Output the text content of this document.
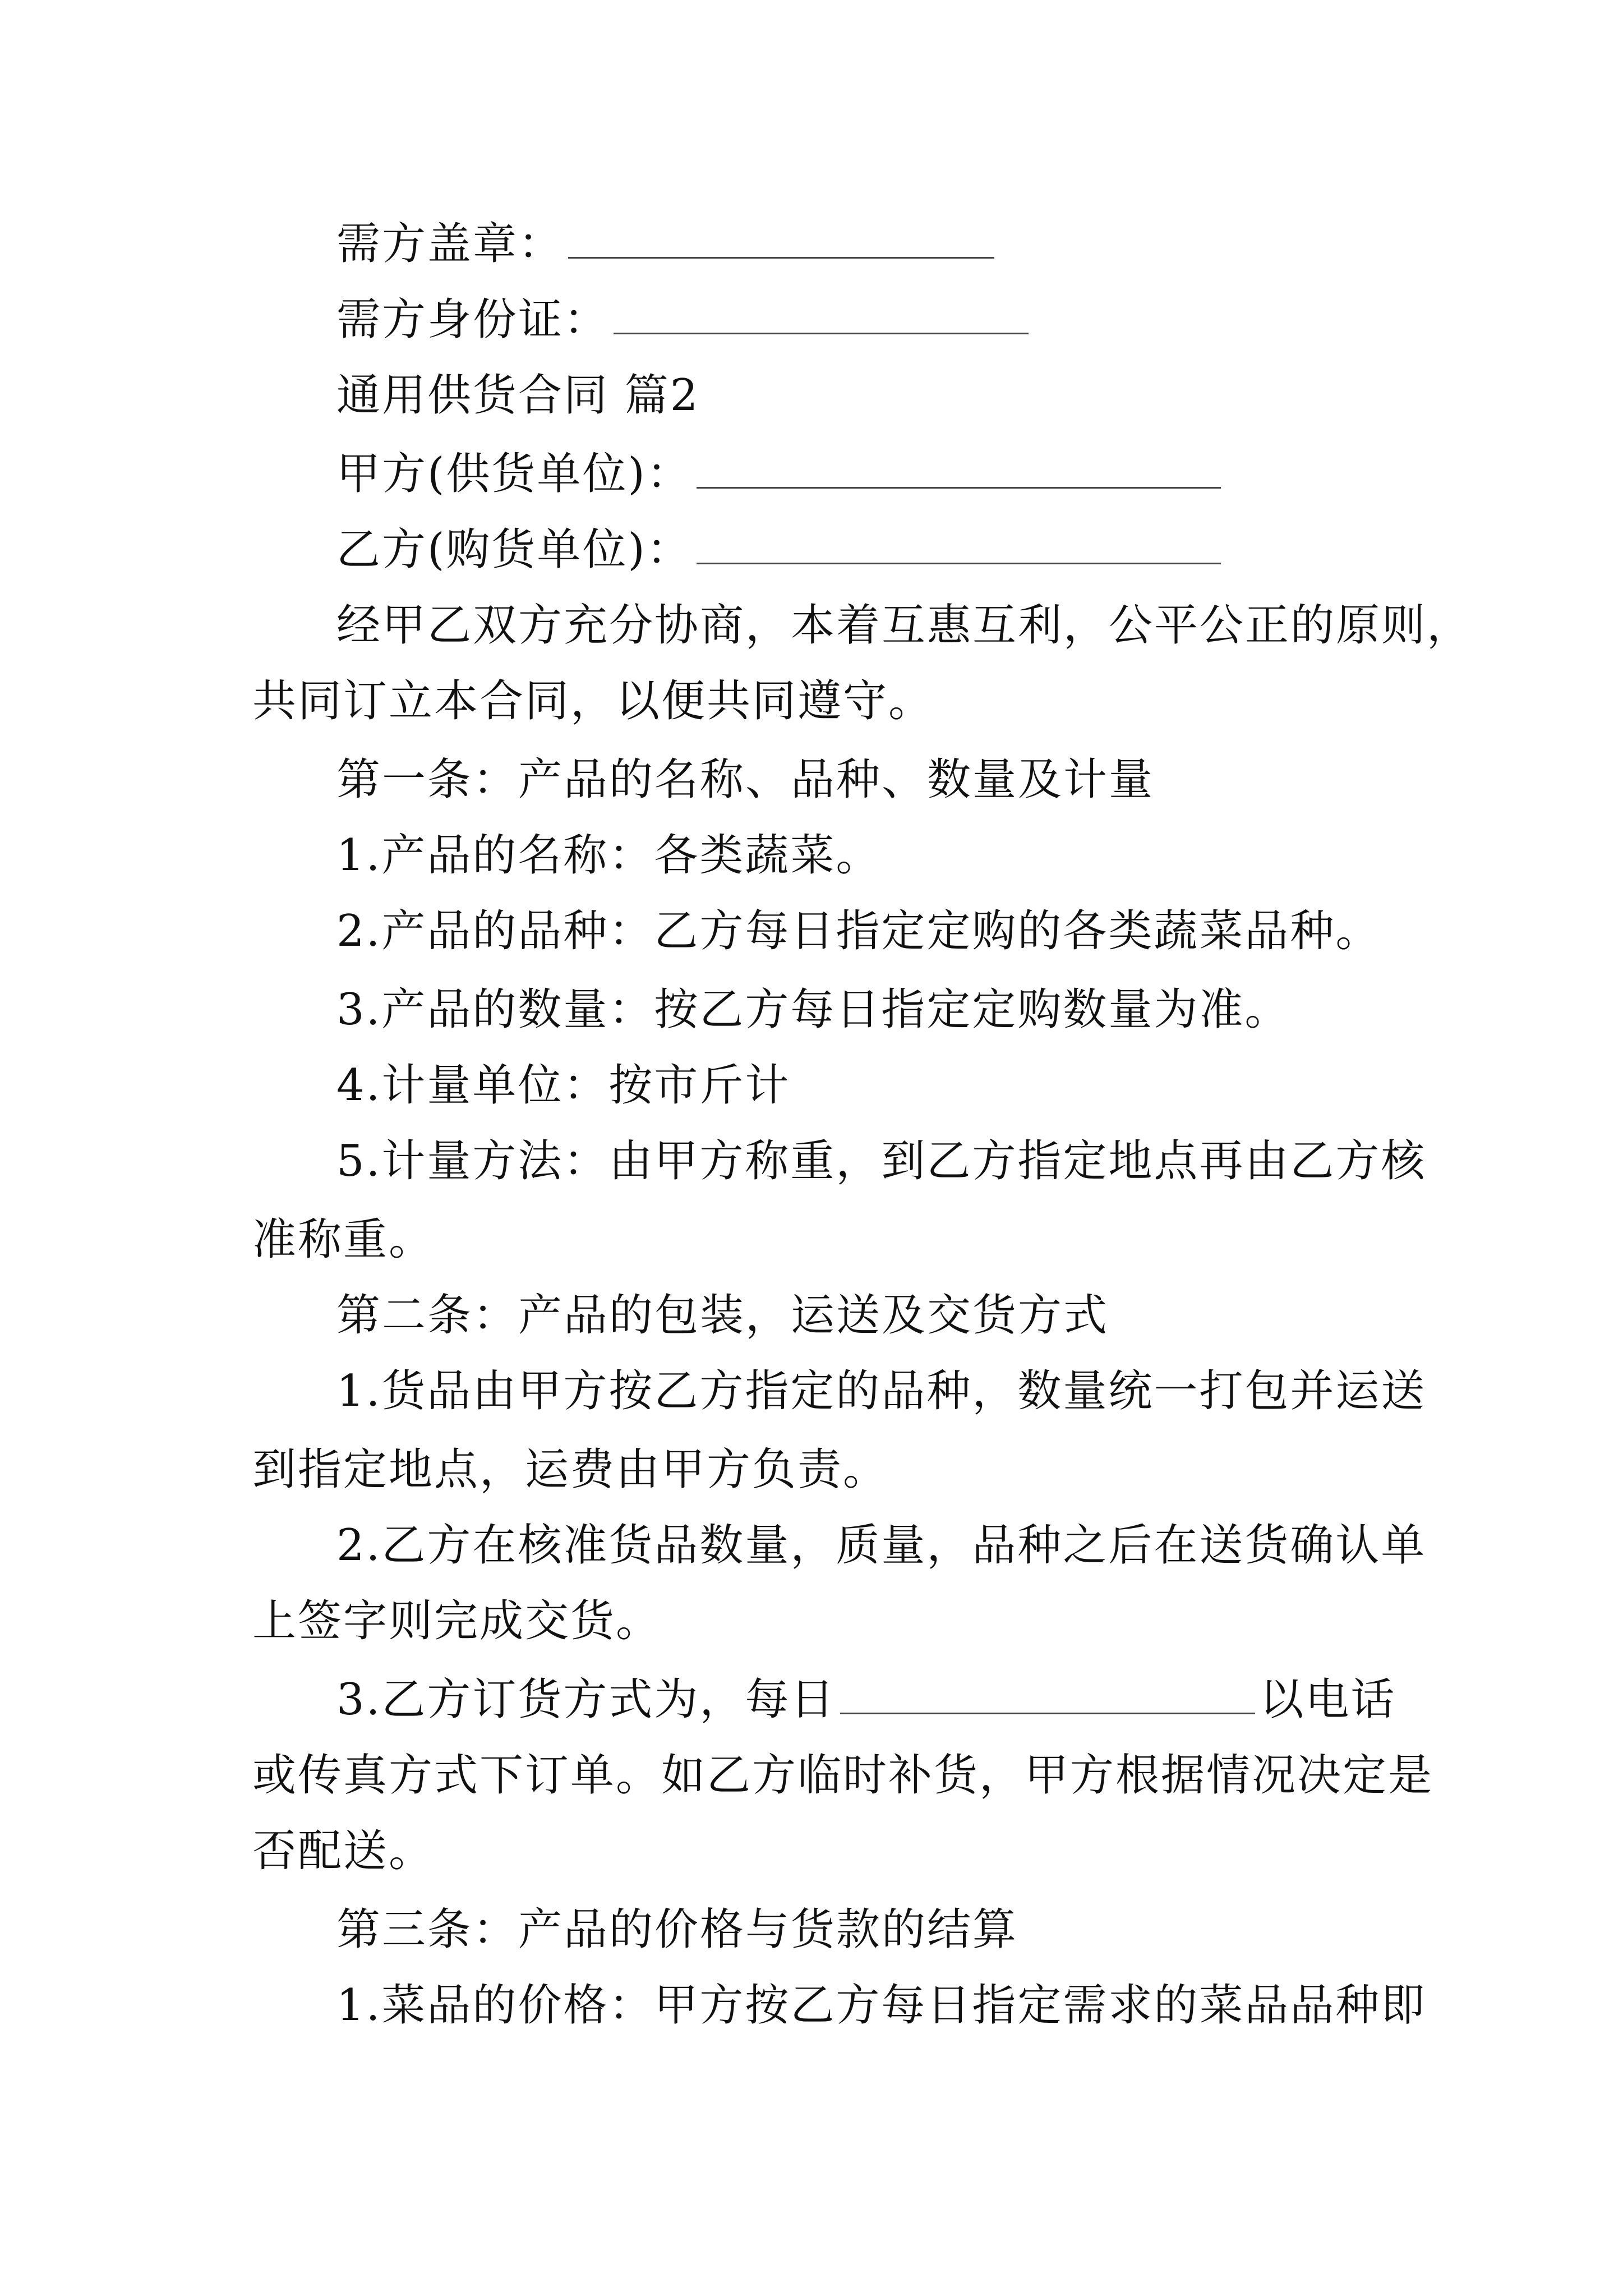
需方盖章：
需方身份证：
通用供货合同 篇2
甲方(供货单位)：
乙方(购货单位)：
经甲乙双方充分协商，本着互惠互利，公平公正的原则，
共同订立本合同，以便共同遵守。
第一条：产品的名称、品种、数量及计量
1.产品的名称：各类蔬菜。
2.产品的品种：乙方每日指定定购的各类蔬菜品种。
3.产品的数量：按乙方每日指定定购数量为准。
4.计量单位：按市斤计
5.计量方法：由甲方称重，到乙方指定地点再由乙方核
准称重。
第二条：产品的包装，运送及交货方式
1.货品由甲方按乙方指定的品种，数量统一打包并运送
到指定地点，运费由甲方负责。
2.乙方在核准货品数量，质量，品种之后在送货确认单
上签字则完成交货。
3.乙方订货方式为，每日	以电话
或传真方式下订单。如乙方临时补货，甲方根据情况决定是
否配送。
第三条：产品的价格与货款的结算
1.菜品的价格：甲方按乙方每日指定需求的菜品品种即
